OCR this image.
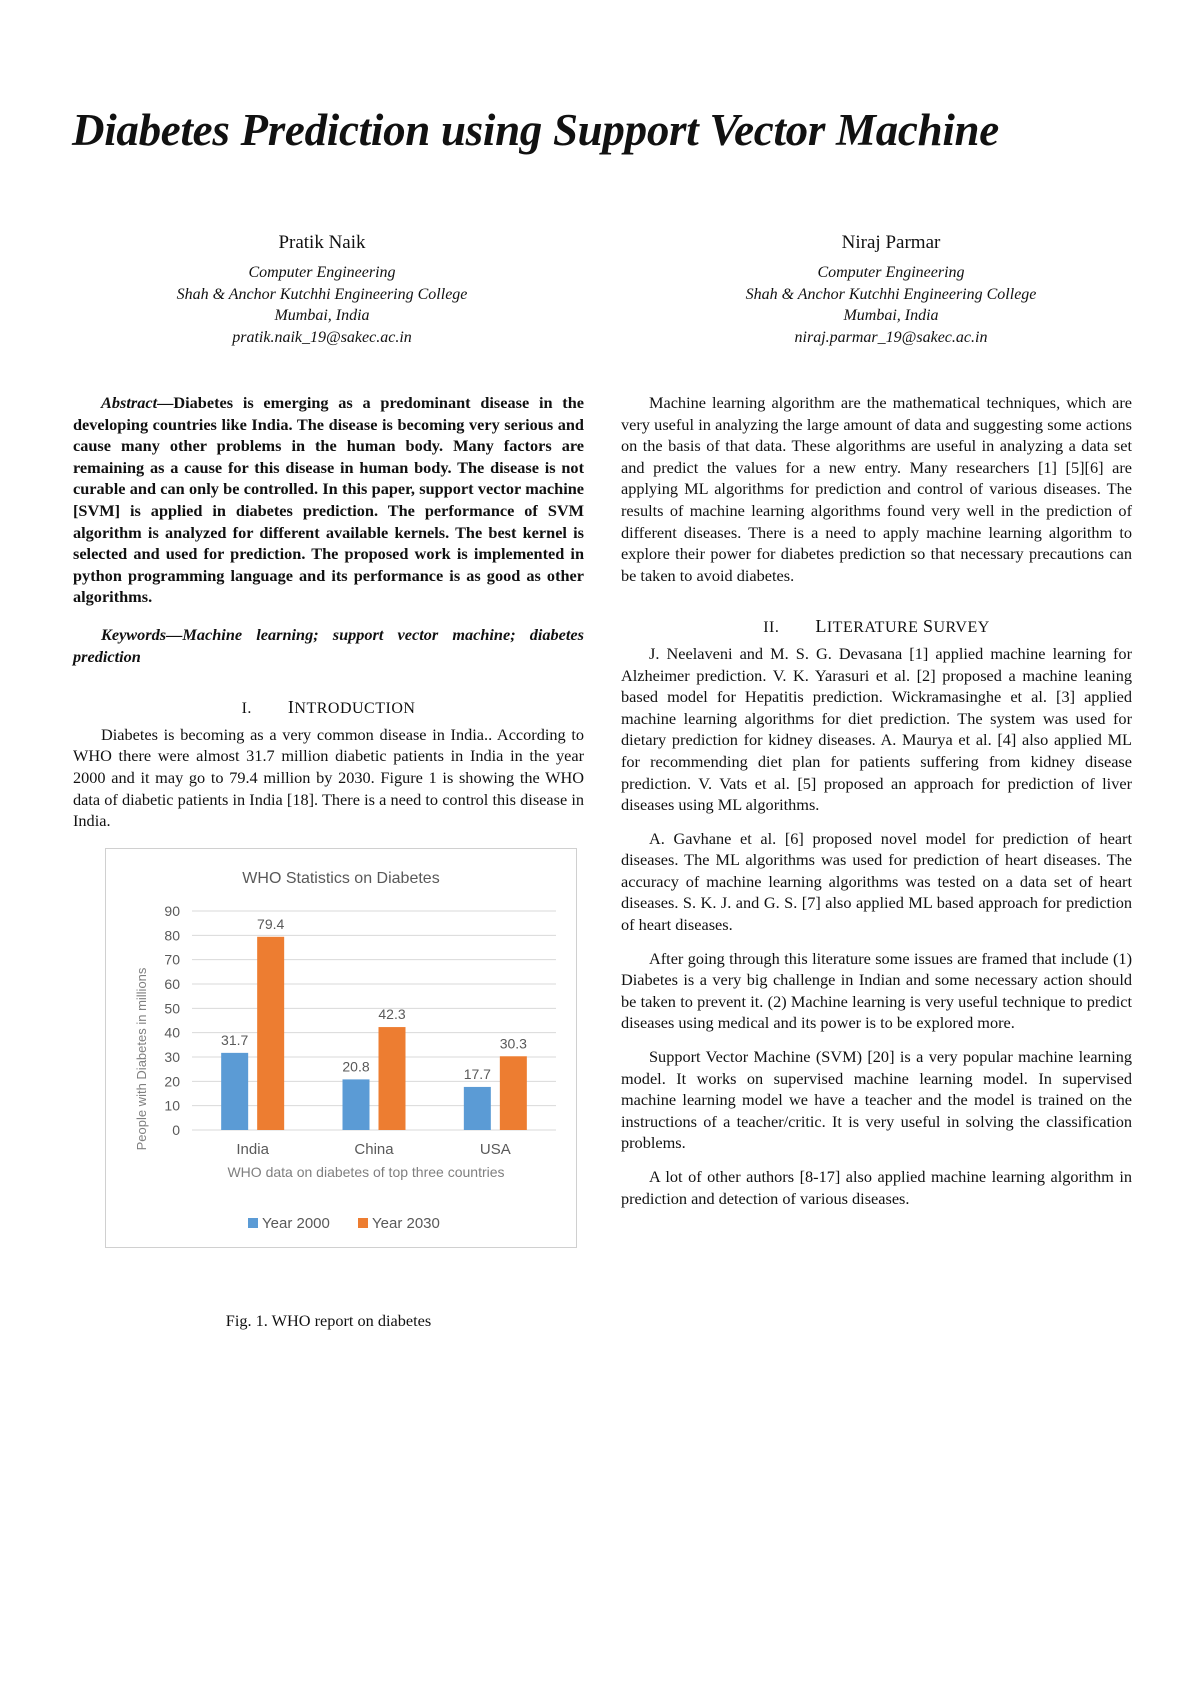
Diabetes Prediction using Support Vector Machine
Pratik Naik
Computer Engineering
Shah & Anchor Kutchhi Engineering College
Mumbai, India
pratik.naik_19@sakec.ac.in
Niraj Parmar
Computer Engineering
Shah & Anchor Kutchhi Engineering College
Mumbai, India
niraj.parmar_19@sakec.ac.in

Abstract—Diabetes is emerging as a predominant disease in the developing countries like India. The disease is becoming very serious and cause many other problems in the human body. Many factors are remaining as a cause for this disease in human body. The disease is not curable and can only be controlled. In this paper, support vector machine [SVM] is applied in diabetes prediction. The performance of SVM algorithm is analyzed for different available kernels. The best kernel is selected and used for prediction. The proposed work is implemented in python programming language and its performance is as good as other algorithms.

Keywords—Machine learning; support vector machine; diabetes prediction

I. INTRODUCTION

Diabetes is becoming as a very common disease in India.. According to WHO there were almost 31.7 million diabetic patients in India in the year 2000 and it may go to 79.4 million by 2030. Figure 1 is showing the WHO data of diabetic patients in India [18]. There is a need to control this disease in India.

WHO Statistics on Diabetes
0
10
20
30
40
50
60
70
80
90
31.7
79.4
India
20.8
42.3
China
17.7
30.3
USA
People with Diabetes in millions
WHO data on diabetes of top three countries
Year 2000	Year 2030

Fig. 1. WHO report on diabetes

Machine learning algorithm are the mathematical techniques, which are very useful in analyzing the large amount of data and suggesting some actions on the basis of that data. These algorithms are useful in analyzing a data set and predict the values for a new entry. Many researchers [1] [5][6] are applying ML algorithms for prediction and control of various diseases. The results of machine learning algorithms found very well in the prediction of different diseases. There is a need to apply machine learning algorithm to explore their power for diabetes prediction so that necessary precautions can be taken to avoid diabetes.

II. LITERATURE SURVEY

J. Neelaveni and M. S. G. Devasana [1] applied machine learning for Alzheimer prediction. V. K. Yarasuri et al. [2] proposed a machine leaning based model for Hepatitis prediction. Wickramasinghe et al. [3] applied machine learning algorithms for diet prediction. The system was used for dietary prediction for kidney diseases. A. Maurya et al. [4] also applied ML for recommending diet plan for patients suffering from kidney disease prediction. V. Vats et al. [5] proposed an approach for prediction of liver diseases using ML algorithms.

A. Gavhane et al. [6] proposed novel model for prediction of heart diseases. The ML algorithms was used for prediction of heart diseases. The accuracy of machine learning algorithms was tested on a data set of heart diseases. S. K. J. and G. S. [7] also applied ML based approach for prediction of heart diseases.

After going through this literature some issues are framed that include (1) Diabetes is a very big challenge in Indian and some necessary action should be taken to prevent it. (2) Machine learning is very useful technique to predict diseases using medical and its power is to be explored more.

Support Vector Machine (SVM) [20] is a very popular machine learning model. It works on supervised machine learning model. In supervised machine learning model we have a teacher and the model is trained on the instructions of a teacher/critic. It is very useful in solving the classification problems.

A lot of other authors [8-17] also applied machine learning algorithm in prediction and detection of various diseases.
